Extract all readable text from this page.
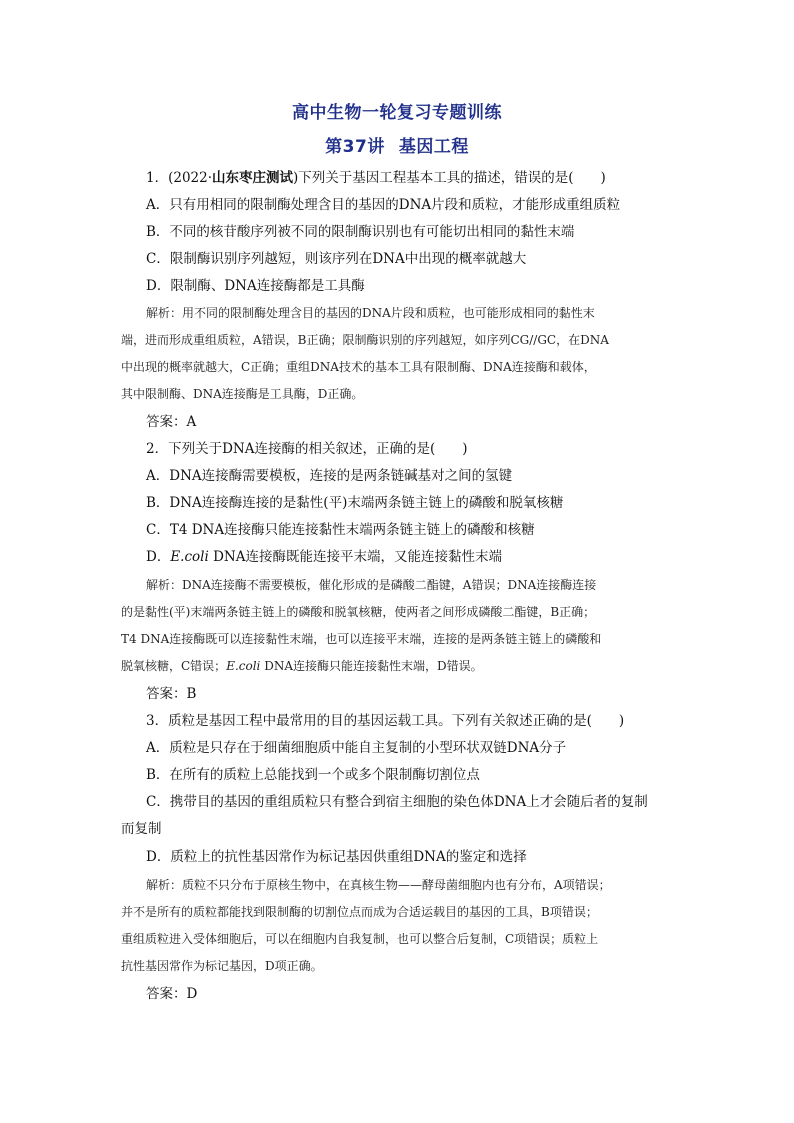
高中生物一轮复习专题训练
第37讲 基因工程
1．(2022·山东枣庄测试)下列关于基因工程基本工具的描述，错误的是(　　)
A．只有用相同的限制酶处理含目的基因的DNA片段和质粒，才能形成重组质粒
B．不同的核苷酸序列被不同的限制酶识别也有可能切出相同的黏性末端
C．限制酶识别序列越短，则该序列在DNA中出现的概率就越大
D．限制酶、DNA连接酶都是工具酶
解析：用不同的限制酶处理含目的基因的DNA片段和质粒，也可能形成相同的黏性末
端，进而形成重组质粒，A错误，B正确；限制酶识别的序列越短，如序列CG//GC，在DNA
中出现的概率就越大，C正确；重组DNA技术的基本工具有限制酶、DNA连接酶和载体，
其中限制酶、DNA连接酶是工具酶，D正确。
答案：A
2．下列关于DNA连接酶的相关叙述，正确的是(　　)
A．DNA连接酶需要模板，连接的是两条链碱基对之间的氢键
B．DNA连接酶连接的是黏性(平)末端两条链主链上的磷酸和脱氧核糖
C．T4 DNA连接酶只能连接黏性末端两条链主链上的磷酸和核糖
D．E.coli DNA连接酶既能连接平末端，又能连接黏性末端
解析：DNA连接酶不需要模板，催化形成的是磷酸二酯键，A错误；DNA连接酶连接
的是黏性(平)末端两条链主链上的磷酸和脱氧核糖，使两者之间形成磷酸二酯键，B正确；
T4 DNA连接酶既可以连接黏性末端，也可以连接平末端，连接的是两条链主链上的磷酸和
脱氧核糖，C错误；E.coli DNA连接酶只能连接黏性末端，D错误。
答案：B
3．质粒是基因工程中最常用的目的基因运载工具。下列有关叙述正确的是(　　)
A．质粒是只存在于细菌细胞质中能自主复制的小型环状双链DNA分子
B．在所有的质粒上总能找到一个或多个限制酶切割位点
C．携带目的基因的重组质粒只有整合到宿主细胞的染色体DNA上才会随后者的复制
而复制
D．质粒上的抗性基因常作为标记基因供重组DNA的鉴定和选择
解析：质粒不只分布于原核生物中，在真核生物——酵母菌细胞内也有分布，A项错误；
并不是所有的质粒都能找到限制酶的切割位点而成为合适运载目的基因的工具，B项错误；
重组质粒进入受体细胞后，可以在细胞内自我复制，也可以整合后复制，C项错误；质粒上
抗性基因常作为标记基因，D项正确。
答案：D
